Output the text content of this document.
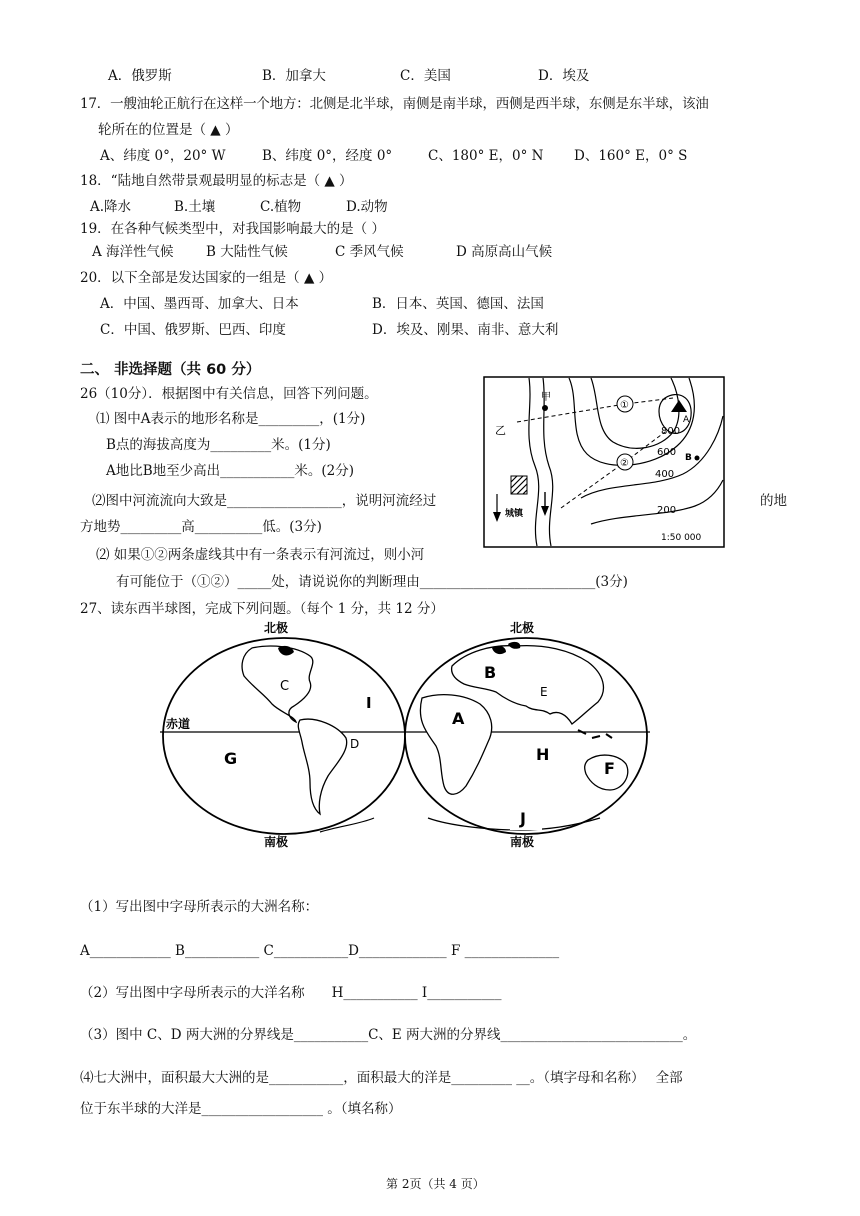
A．俄罗斯	B．加拿大	C．美国	D．埃及
17．一艘油轮正航行在这样一个地方：北侧是北半球，南侧是南半球，西侧是西半球，东侧是东半球，该油
轮所在的位置是（ ▲ ）
A、纬度 0°，20° W	B、纬度 0°，经度 0°	C、180° E，0° N D、160° E，0° S
18．“陆地自然带景观最明显的标志是（ ▲ ）
A.降水	B.土壤	C.植物	D.动物
19．在各种气候类型中，对我国影响最大的是（ ）
A 海洋性气候 B 大陆性气候	C 季风气候	D 高原高山气候
20．以下全部是发达国家的一组是（ ▲ ）
A．中国、墨西哥、加拿大、日本	B．日本、英国、德国、法国
C．中国、俄罗斯、巴西、印度	D．埃及、刚果、南非、意大利
二、 非选择题（共 60 分）
26（10分）．根据图中有关信息，回答下列问题。
⑴ 图中A表示的地形名称是_________，(1分)
B点的海拔高度为_________米。(1分)
A地比B地至少高出___________米。(2分)
⑵图中河流流向大致是_________________，说明河流经过	的地
方地势_________高__________低。(3分)
⑵ 如果①②两条虚线其中有一条表示有河流过，则小河
有可能位于（①②）_____处，请说说你的判断理由__________________________(3分)
甲
乙
①
②
A
B
800
600
400
200
城镇
1:50 000
27、读东西半球图，完成下列问题。（每个 1 分，共 12 分）
北极	北极
南极	南极
赤道
C
D
I
G
B
E
A
H
F
J
（1）写出图中字母所表示的大洲名称：
A____________ B___________ C___________D_____________ F ______________
（2）写出图中字母所表示的大洋名称　　H___________ I___________
（3）图中 C、D 两大洲的分界线是___________C、E 两大洲的分界线___________________________。
⑷七大洲中，面积最大大洲的是___________，面积最大的洋是_________ __。（填字母和名称）　 全部
位于东半球的大洋是__________________ 。（填名称）
第 2页（共 4 页）
